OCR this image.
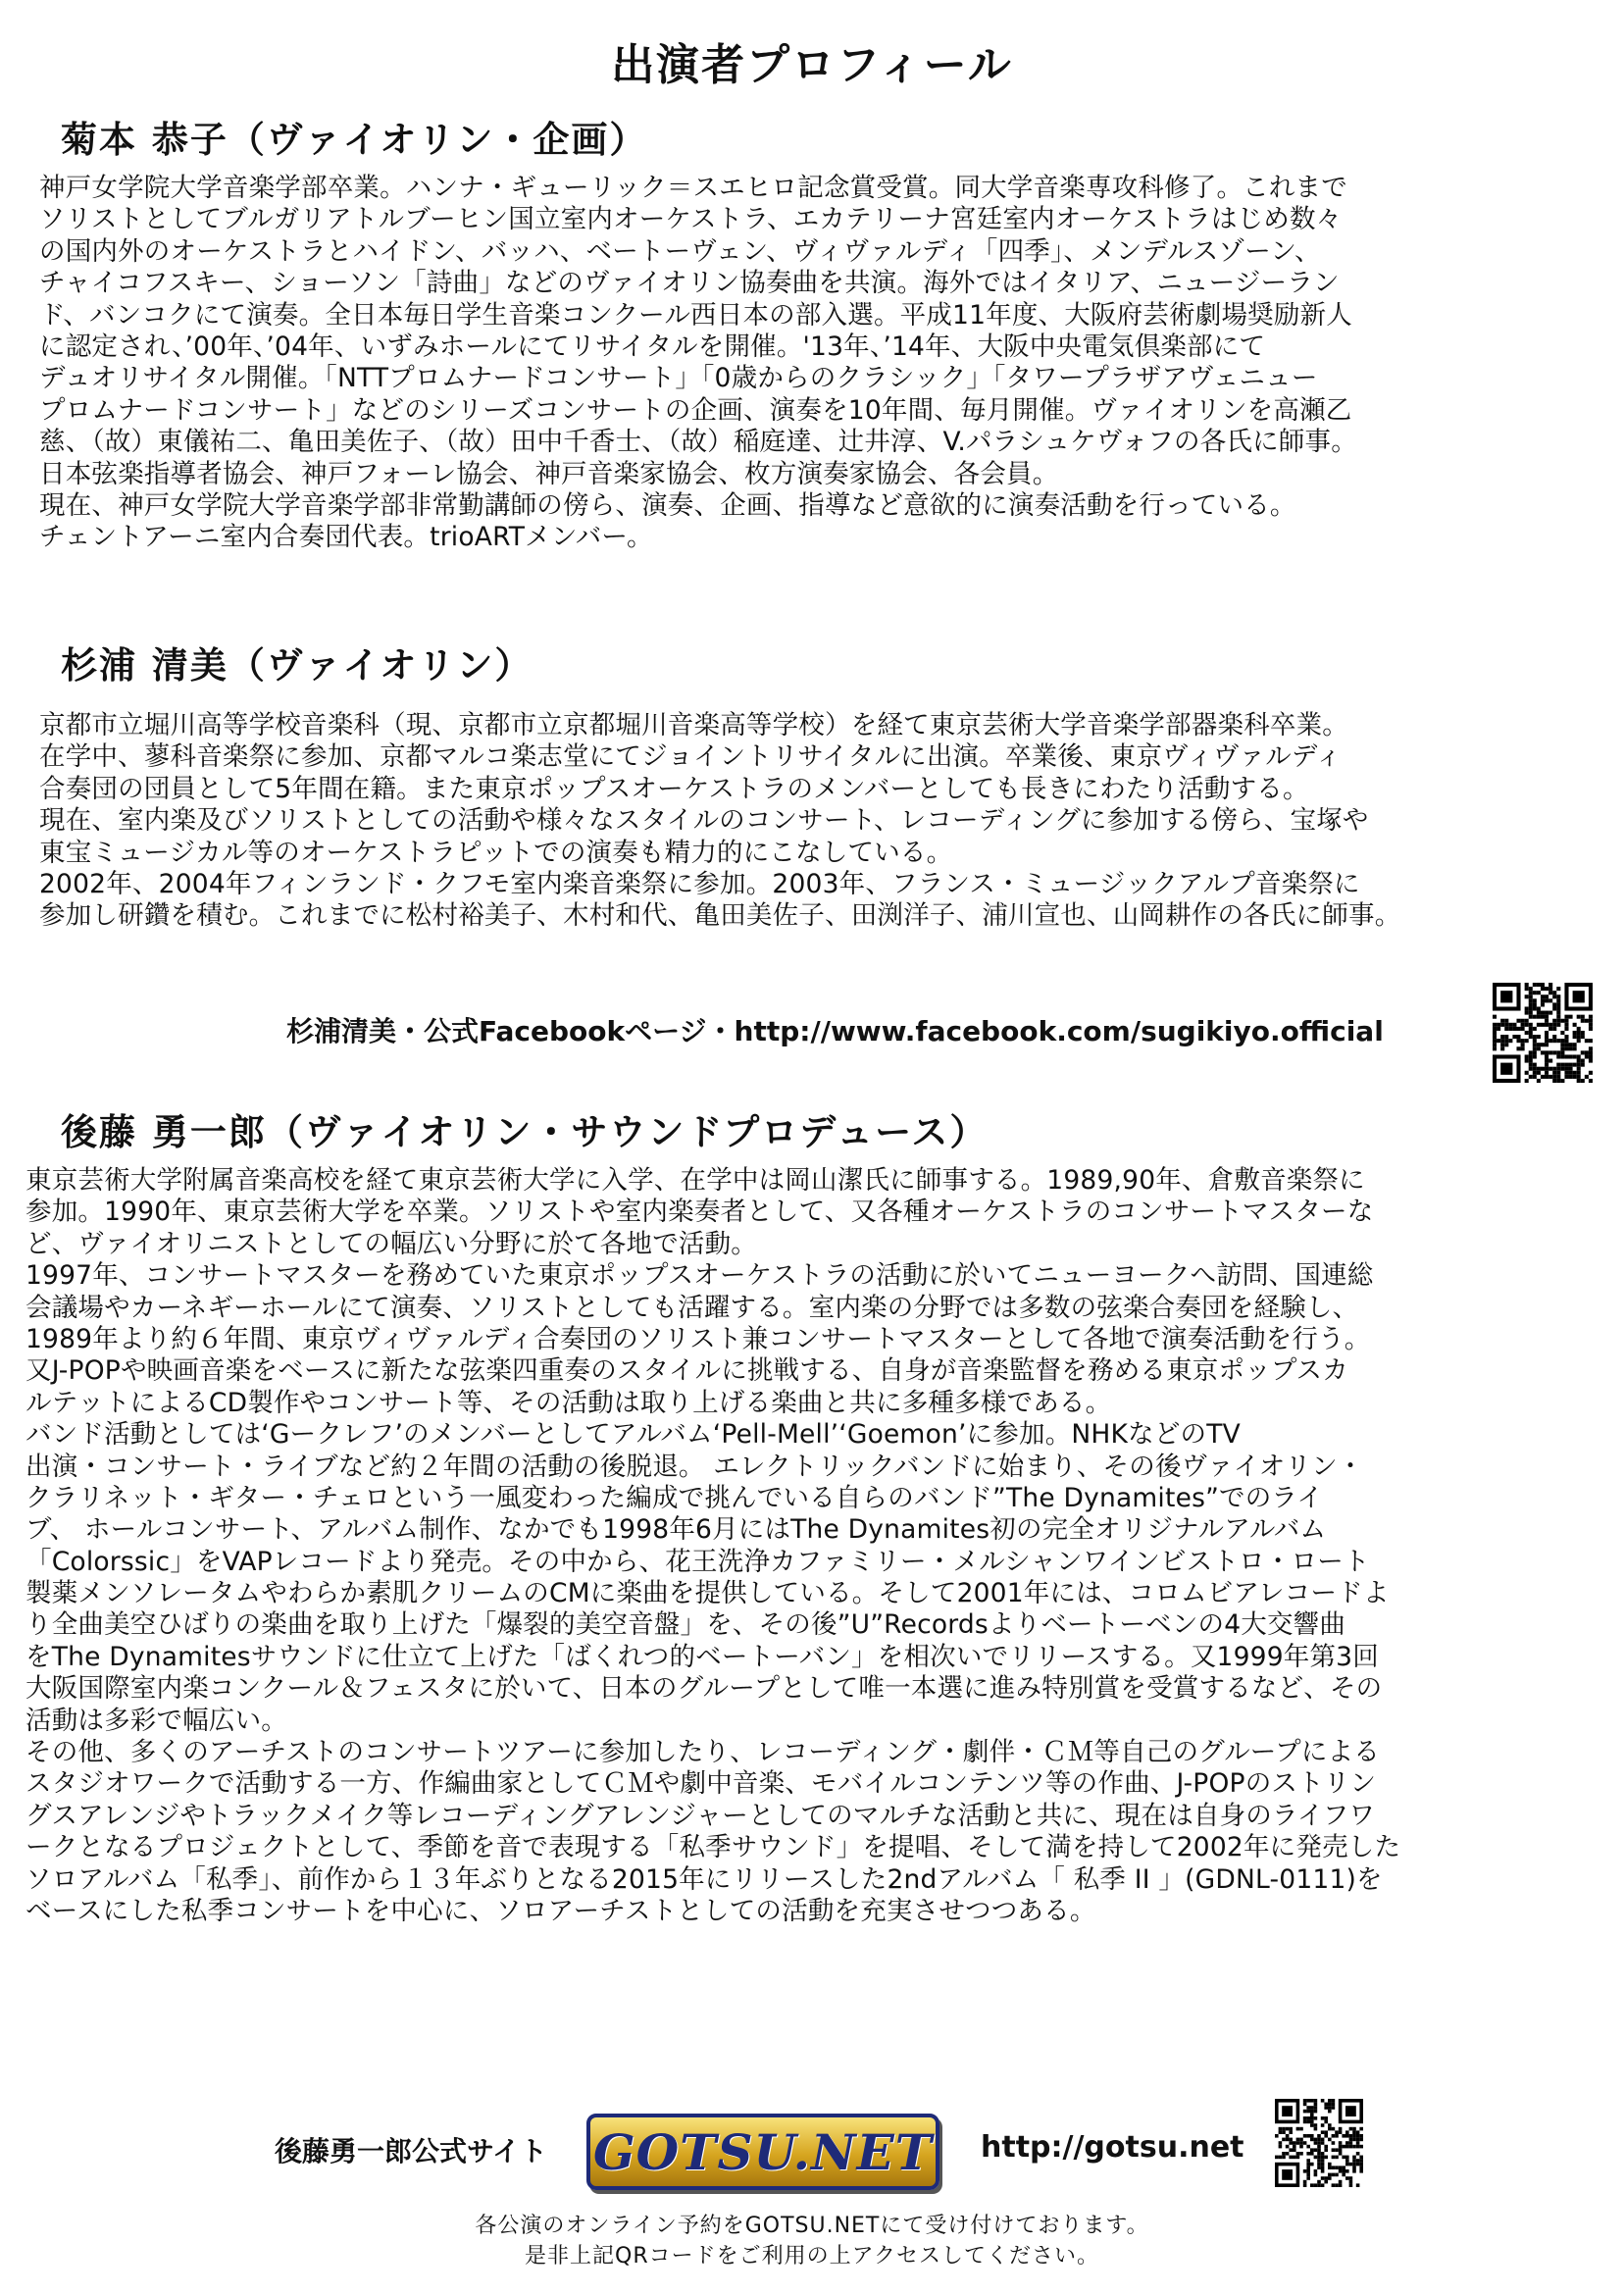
出演者プロフィール
菊本 恭子（ヴァイオリン・企画）
神戸女学院大学音楽学部卒業。ハンナ・ギューリック＝スエヒロ記念賞受賞。同大学音楽専攻科修了。これまで
ソリストとしてブルガリアトルブーヒン国立室内オーケストラ、エカテリーナ宮廷室内オーケストラはじめ数々
の国内外のオーケストラとハイドン、バッハ、ベートーヴェン、ヴィヴァルディ「四季」、メンデルスゾーン、
チャイコフスキー、ショーソン「詩曲」などのヴァイオリン協奏曲を共演。海外ではイタリア、ニュージーラン
ド、バンコクにて演奏。全日本毎日学生音楽コンクール西日本の部入選。平成11年度、大阪府芸術劇場奨励新人
に認定され、’00年、’04年、いずみホールにてリサイタルを開催。'13年、’14年、大阪中央電気倶楽部にて
デュオリサイタル開催。「NTTプロムナードコンサート」「0歳からのクラシック」「タワープラザアヴェニュー
プロムナードコンサート」などのシリーズコンサートの企画、演奏を10年間、毎月開催。ヴァイオリンを高瀬乙
慈、（故）東儀祐二、亀田美佐子、（故）田中千香士、（故）稲庭達、辻井淳、V.パラシュケヴォフの各氏に師事。
日本弦楽指導者協会、神戸フォーレ協会、神戸音楽家協会、枚方演奏家協会、各会員。
現在、神戸女学院大学音楽学部非常勤講師の傍ら、演奏、企画、指導など意欲的に演奏活動を行っている。
チェントアーニ室内合奏団代表。trioARTメンバー。
杉浦 清美（ヴァイオリン）
京都市立堀川高等学校音楽科（現、京都市立京都堀川音楽高等学校）を経て東京芸術大学音楽学部器楽科卒業。
在学中、蓼科音楽祭に参加、京都マルコ楽志堂にてジョイントリサイタルに出演。卒業後、東京ヴィヴァルディ
合奏団の団員として5年間在籍。また東京ポップスオーケストラのメンバーとしても長きにわたり活動する。
現在、室内楽及びソリストとしての活動や様々なスタイルのコンサート、レコーディングに参加する傍ら、宝塚や
東宝ミュージカル等のオーケストラピットでの演奏も精力的にこなしている。
2002年、2004年フィンランド・クフモ室内楽音楽祭に参加。2003年、フランス・ミュージックアルプ音楽祭に
参加し研鑽を積む。これまでに松村裕美子、木村和代、亀田美佐子、田渕洋子、浦川宣也、山岡耕作の各氏に師事。
杉浦清美・公式Facebookページ・http://www.facebook.com/sugikiyo.official
後藤 勇一郎（ヴァイオリン・サウンドプロデュース）
東京芸術大学附属音楽高校を経て東京芸術大学に入学、在学中は岡山潔氏に師事する。1989,90年、倉敷音楽祭に
参加。1990年、東京芸術大学を卒業。ソリストや室内楽奏者として、又各種オーケストラのコンサートマスターな
ど、ヴァイオリニストとしての幅広い分野に於て各地で活動。
1997年、コンサートマスターを務めていた東京ポップスオーケストラの活動に於いてニューヨークへ訪問、国連総
会議場やカーネギーホールにて演奏、ソリストとしても活躍する。室内楽の分野では多数の弦楽合奏団を経験し、
1989年より約６年間、東京ヴィヴァルディ合奏団のソリスト兼コンサートマスターとして各地で演奏活動を行う。
又J-POPや映画音楽をベースに新たな弦楽四重奏のスタイルに挑戦する、自身が音楽監督を務める東京ポップスカ
ルテットによるCD製作やコンサート等、その活動は取り上げる楽曲と共に多種多様である。
バンド活動としては‘Gークレフ’のメンバーとしてアルバム‘Pell-Mell’‘Goemon’に参加。NHKなどのTV
出演・コンサート・ライブなど約２年間の活動の後脱退。 エレクトリックバンドに始まり、その後ヴァイオリン・
クラリネット・ギター・チェロという一風変わった編成で挑んでいる自らのバンド”The Dynamites”でのライ
ブ、 ホールコンサート、アルバム制作、なかでも1998年6月にはThe Dynamites初の完全オリジナルアルバム
「Colorssic」をVAPレコードより発売。その中から、花王洗浄カファミリー・メルシャンワインビストロ・ロート
製薬メンソレータムやわらか素肌クリームのCMに楽曲を提供している。そして2001年には、コロムビアレコードよ
り全曲美空ひばりの楽曲を取り上げた「爆裂的美空音盤」を、その後”U”Recordsよりベートーベンの4大交響曲
をThe Dynamitesサウンドに仕立て上げた「ばくれつ的ベートーバン」を相次いでリリースする。又1999年第3回
大阪国際室内楽コンクール＆フェスタに於いて、日本のグループとして唯一本選に進み特別賞を受賞するなど、その
活動は多彩で幅広い。
その他、多くのアーチストのコンサートツアーに参加したり、レコーディング・劇伴・ＣＭ等自己のグループによる
スタジオワークで活動する一方、作編曲家としてＣＭや劇中音楽、モバイルコンテンツ等の作曲、J-POPのストリン
グスアレンジやトラックメイク等レコーディングアレンジャーとしてのマルチな活動と共に、現在は自身のライフワ
ークとなるプロジェクトとして、季節を音で表現する「私季サウンド」を提唱、そして満を持して2002年に発売した
ソロアルバム「私季」、前作から１３年ぶりとなる2015年にリリースした2ndアルバム「 私季 II 」(GDNL-0111)を
ベースにした私季コンサートを中心に、ソロアーチストとしての活動を充実させつつある。
後藤勇一郎公式サイト GOTSU.NET http://gotsu.net
各公演のオンライン予約をGOTSU.NETにて受け付けております。
是非上記QRコードをご利用の上アクセスしてください。
